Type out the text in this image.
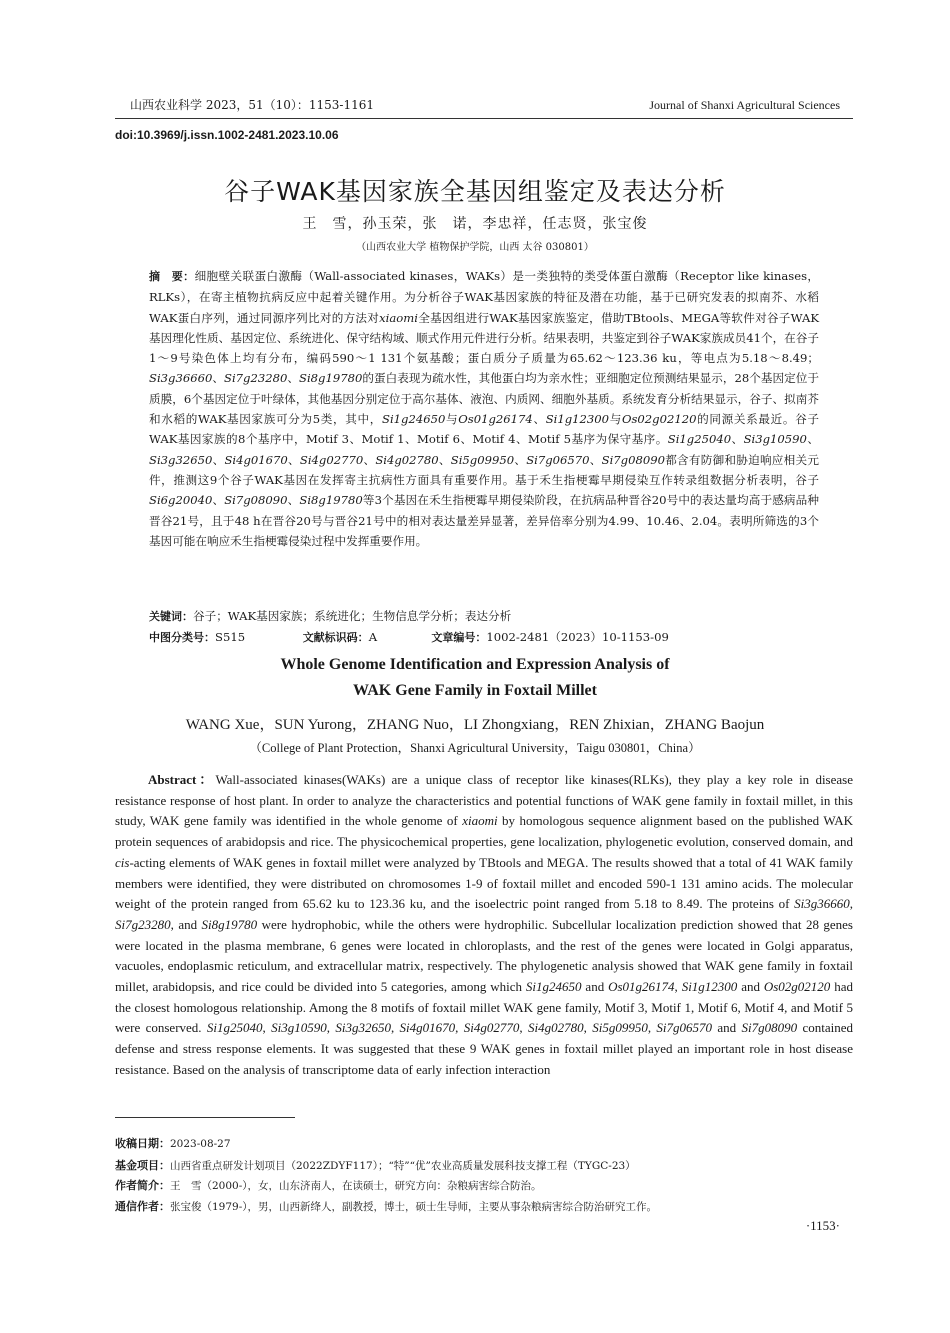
山西农业科学 2023，51（10）：1153-1161	Journal of Shanxi Agricultural Sciences
doi:10.3969/j.issn.1002-2481.2023.10.06
谷子WAK基因家族全基因组鉴定及表达分析
王　雪，孙玉荣，张　诺，李忠祥，任志贤，张宝俊
（山西农业大学 植物保护学院，山西 太谷 030801）
摘　要：细胞壁关联蛋白激酶（Wall-associated kinases，WAKs）是一类独特的类受体蛋白激酶（Receptor like kinases，RLKs），在寄主植物抗病反应中起着关键作用。为分析谷子WAK基因家族的特征及潜在功能，基于已研究发表的拟南芥、水稻WAK蛋白序列，通过同源序列比对的方法对xiaomi全基因组进行WAK基因家族鉴定，借助TBtools、MEGA等软件对谷子WAK基因理化性质、基因定位、系统进化、保守结构域、顺式作用元件进行分析。结果表明，共鉴定到谷子WAK家族成员41个，在谷子1～9号染色体上均有分布，编码590～1 131个氨基酸；蛋白质分子质量为65.62～123.36 ku，等电点为5.18～8.49；Si3g36660、Si7g23280、Si8g19780的蛋白表现为疏水性，其他蛋白均为亲水性；亚细胞定位预测结果显示，28个基因定位于质膜，6个基因定位于叶绿体，其他基因分别定位于高尔基体、液泡、内质网、细胞外基质。系统发育分析结果显示，谷子、拟南芥和水稻的WAK基因家族可分为5类，其中，Si1g24650与Os01g26174、Si1g12300与Os02g02120的同源关系最近。谷子WAK基因家族的8个基序中，Motif 3、Motif 1、Motif 6、Motif 4、Motif 5基序为保守基序。Si1g25040、Si3g10590、Si3g32650、Si4g01670、Si4g02770、Si4g02780、Si5g09950、Si7g06570、Si7g08090都含有防御和胁迫响应相关元件，推测这9个谷子WAK基因在发挥寄主抗病性方面具有重要作用。基于禾生指梗霉早期侵染互作转录组数据分析表明，谷子Si6g20040、Si7g08090、Si8g19780等3个基因在禾生指梗霉早期侵染阶段，在抗病品种晋谷20号中的表达量均高于感病品种晋谷21号，且于48 h在晋谷20号与晋谷21号中的相对表达量差异显著，差异倍率分别为4.99、10.46、2.04。表明所筛选的3个基因可能在响应禾生指梗霉侵染过程中发挥重要作用。
关键词：谷子；WAK基因家族；系统进化；生物信息学分析；表达分析
中图分类号：S515	文献标识码：A	文章编号：1002-2481（2023）10-1153-09
Whole Genome Identification and Expression Analysis of
WAK Gene Family in Foxtail Millet
WANG Xue，SUN Yurong，ZHANG Nuo，LI Zhongxiang，REN Zhixian，ZHANG Baojun
（College of Plant Protection，Shanxi Agricultural University，Taigu 030801，China）
Abstract：Wall-associated kinases(WAKs) are a unique class of receptor like kinases(RLKs), they play a key role in disease resistance response of host plant. In order to analyze the characteristics and potential functions of WAK gene family in foxtail millet, in this study, WAK gene family was identified in the whole genome of xiaomi by homologous sequence alignment based on the published WAK protein sequences of arabidopsis and rice. The physicochemical properties, gene localization, phylogenetic evolution, conserved domain, and cis-acting elements of WAK genes in foxtail millet were analyzed by TBtools and MEGA. The results showed that a total of 41 WAK family members were identified, they were distributed on chromosomes 1-9 of foxtail millet and encoded 590-1 131 amino acids. The molecular weight of the protein ranged from 65.62 ku to 123.36 ku, and the isoelectric point ranged from 5.18 to 8.49. The proteins of Si3g36660, Si7g23280, and Si8g19780 were hydrophobic, while the others were hydrophilic. Subcellular localization prediction showed that 28 genes were located in the plasma membrane, 6 genes were located in chloroplasts, and the rest of the genes were located in Golgi apparatus, vacuoles, endoplasmic reticulum, and extracellular matrix, respectively. The phylogenetic analysis showed that WAK gene family in foxtail millet, arabidopsis, and rice could be divided into 5 categories, among which Si1g24650 and Os01g26174, Si1g12300 and Os02g02120 had the closest homologous relationship. Among the 8 motifs of foxtail millet WAK gene family, Motif 3, Motif 1, Motif 6, Motif 4, and Motif 5 were conserved. Si1g25040, Si3g10590, Si3g32650, Si4g01670, Si4g02770, Si4g02780, Si5g09950, Si7g06570 and Si7g08090 contained defense and stress response elements. It was suggested that these 9 WAK genes in foxtail millet played an important role in host disease resistance. Based on the analysis of transcriptome data of early infection interaction
收稿日期：2023-08-27
基金项目：山西省重点研发计划项目（2022ZDYF117）；“特”“优”农业高质量发展科技支撑工程（TYGC-23）
作者简介：王　雪（2000-），女，山东济南人，在读硕士，研究方向：杂粮病害综合防治。
通信作者：张宝俊（1979-），男，山西新绛人，副教授，博士，硕士生导师，主要从事杂粮病害综合防治研究工作。
·1153·
